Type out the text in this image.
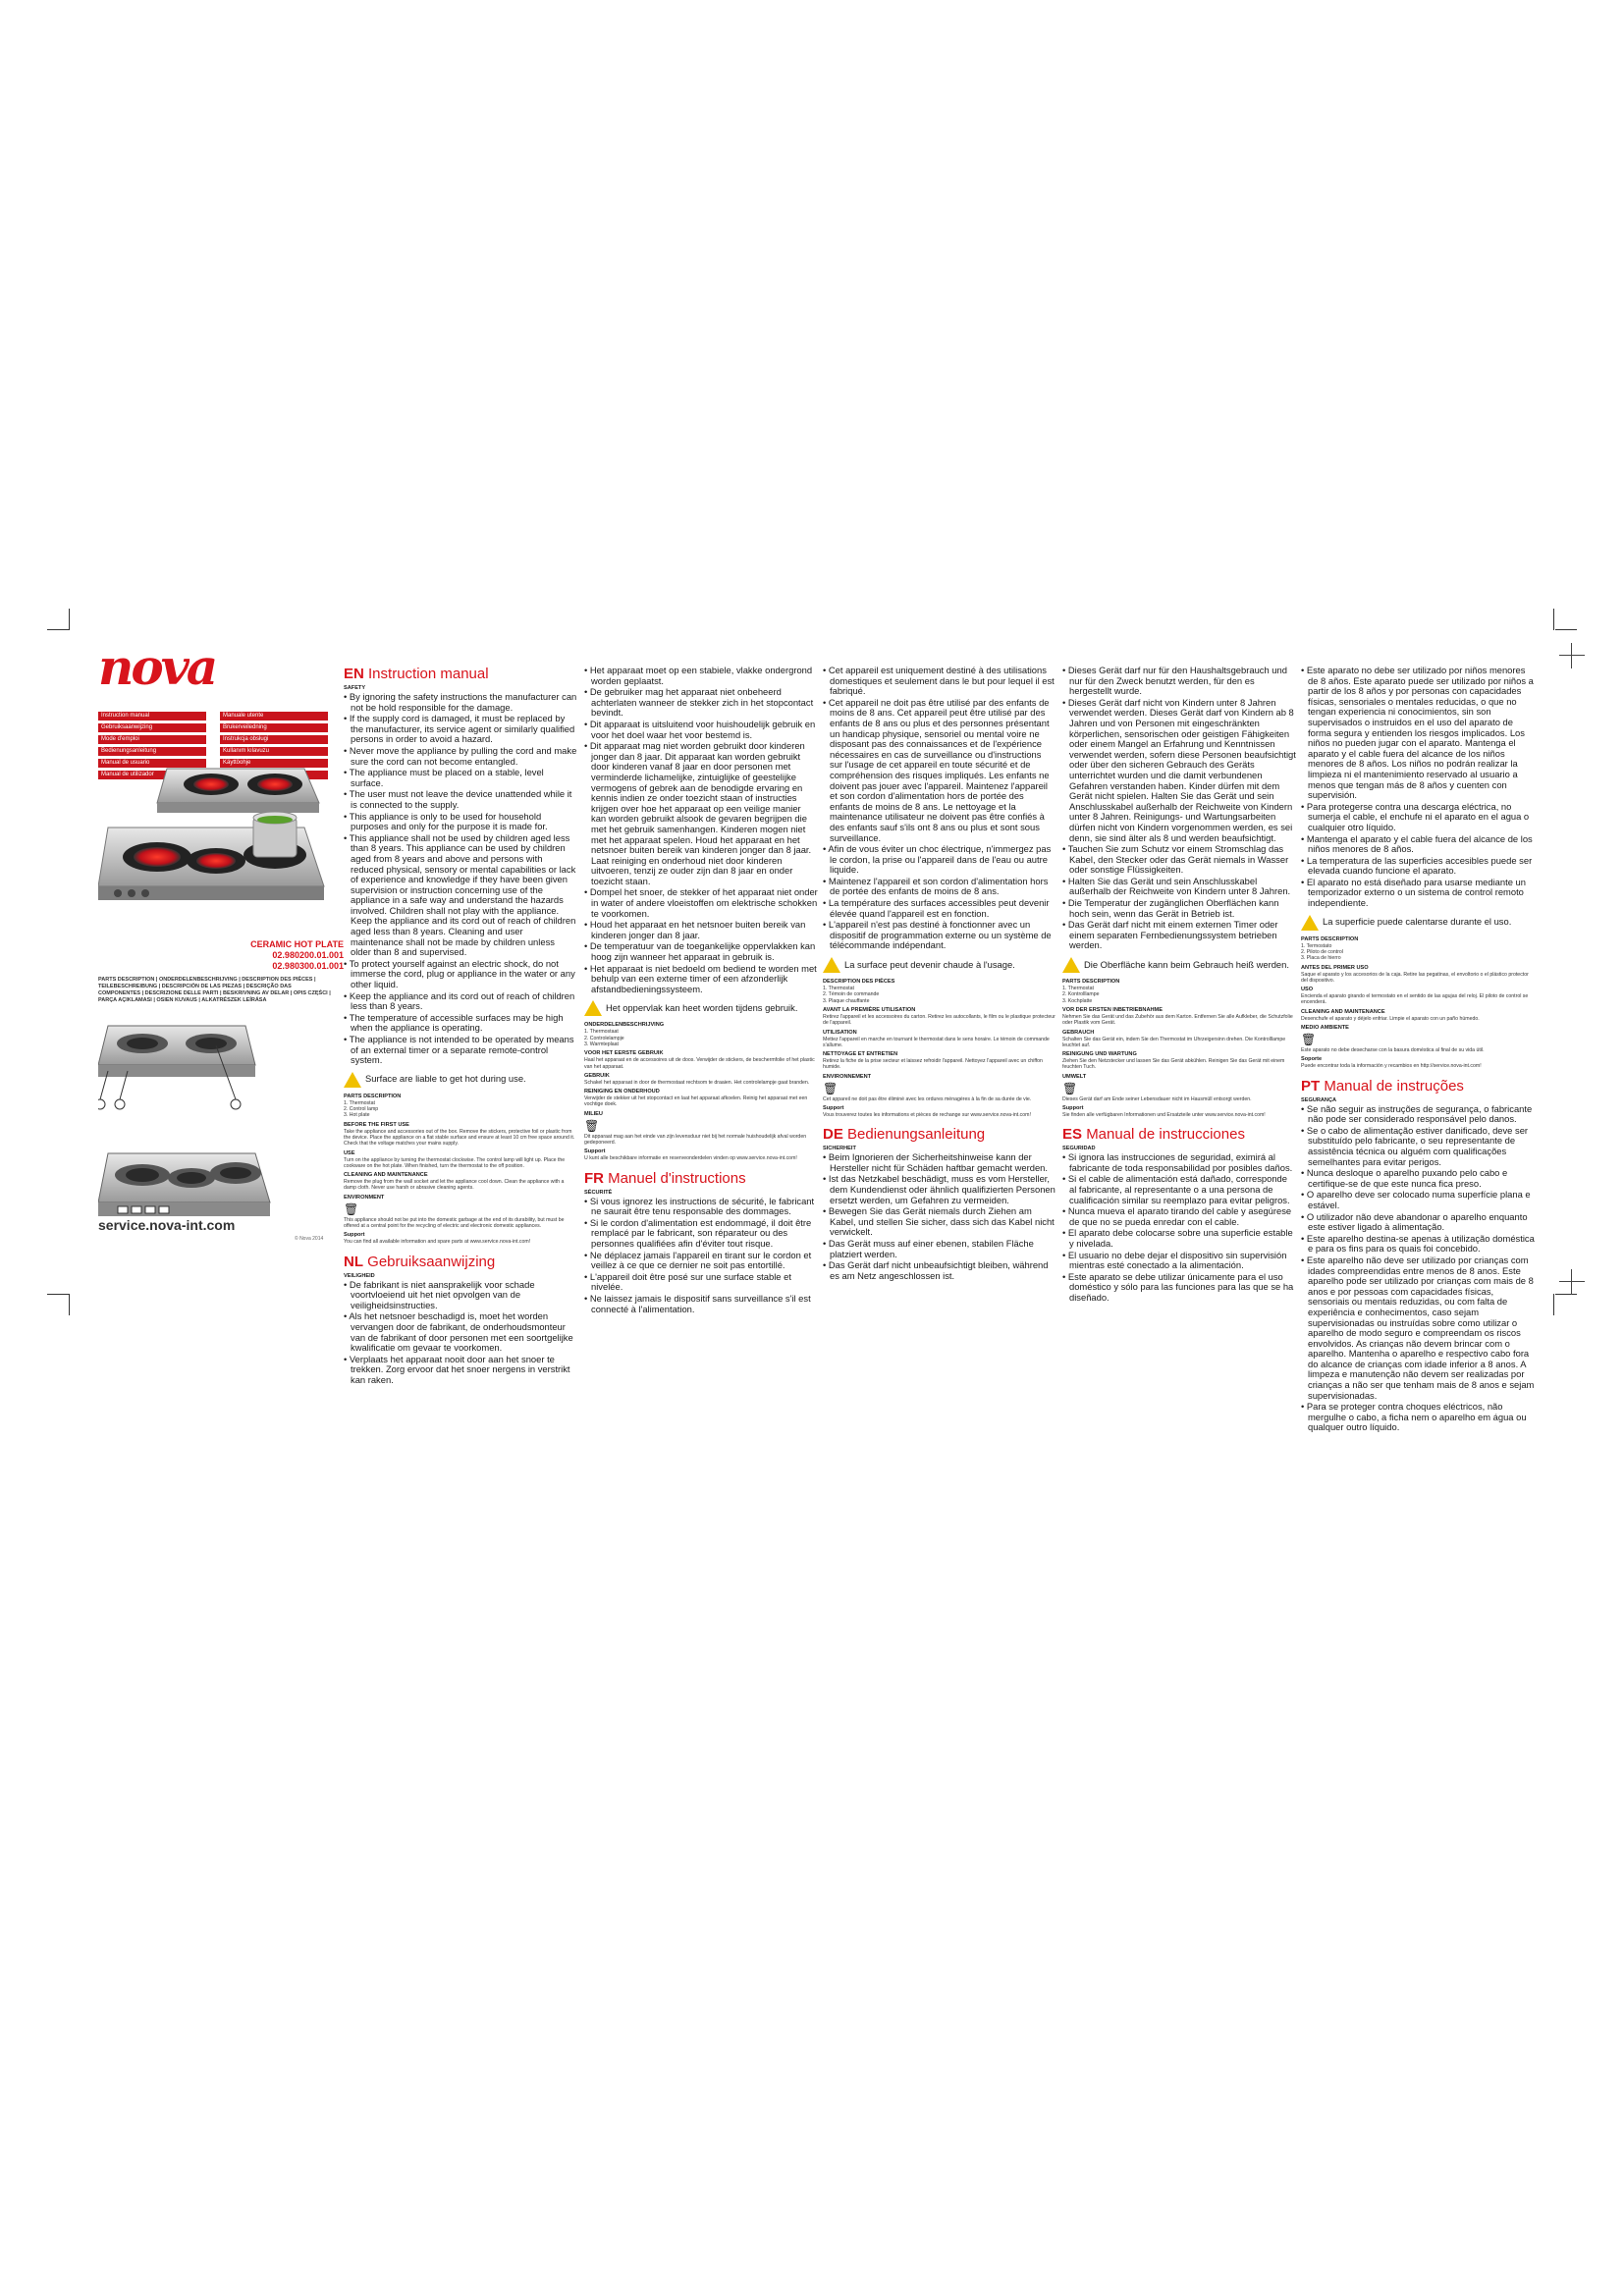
nova
Instruction manual
Gebruiksaanwijzing
Mode d'emploi
Bedienungsanleitung
Manual de usuario
Manual de utilizador
Manuale utente
Brukerveiledning
Instrukcja obsługi
Kullanım kılavuzu
Käyttöohje
CERAMIC HOT PLATE
02.980200.01.001
02.980300.01.001
PARTS DESCRIPTION | ONDERDELENBESCHRIJVING | DESCRIPTION DES PIÈCES | TEILEBESCHREIBUNG | DESCRIPCIÓN DE LAS PIEZAS | DESCRIÇÃO DAS COMPONENTES | DESCRIZIONE DELLE PARTI | BESKRIVNING AV DELAR | OPIS CZĘŚCI | PARÇA AÇIKLAMASI | OSIEN KUVAUS | ALKATRÉSZEK LEÍRÁSA
service.nova-int.com
© Nova 2014
EN Instruction manual
SAFETY

• By ignoring the safety instructions the manufacturer can not be hold responsible for the damage.

• If the supply cord is damaged, it must be replaced by the manufacturer, its service agent or similarly qualified persons in order to avoid a hazard.

• Never move the appliance by pulling the cord and make sure the cord can not become entangled.

• The appliance must be placed on a stable, level surface.

• The user must not leave the device unattended while it is connected to the supply.

• This appliance is only to be used for household purposes and only for the purpose it is made for.

• This appliance shall not be used by children aged less than 8 years. This appliance can be used by children aged from 8 years and above and persons with reduced physical, sensory or mental capabilities or lack of experience and knowledge if they have been given supervision or instruction concerning use of the appliance in a safe way and understand the hazards involved. Children shall not play with the appliance. Keep the appliance and its cord out of reach of children aged less than 8 years. Cleaning and user maintenance shall not be made by children unless older than 8 and supervised.

• To protect yourself against an electric shock, do not immerse the cord, plug or appliance in the water or any other liquid.

• Keep the appliance and its cord out of reach of children less than 8 years.

• The temperature of accessible surfaces may be high when the appliance is operating.

• The appliance is not intended to be operated by means of an external timer or a separate remote-control system.

Surface are liable to get hot during use.
PARTS DESCRIPTION
1. Thermostat
2. Control lamp
3. Hot plate
BEFORE THE FIRST USE
Take the appliance and accessories out of the box. Remove the stickers, protective foil or plastic from the device. Place the appliance on a flat stable surface and ensure at least 10 cm free space around it. Check that the voltage matches your mains supply.
USE
Turn on the appliance by turning the thermostat clockwise. The control lamp will light up. Place the cookware on the hot plate. When finished, turn the thermostat to the off position.
CLEANING AND MAINTENANCE
Remove the plug from the wall socket and let the appliance cool down. Clean the appliance with a damp cloth. Never use harsh or abrasive cleaning agents.
ENVIRONMENT
🗑
This appliance should not be put into the domestic garbage at the end of its durability, but must be offered at a central point for the recycling of electric and electronic domestic appliances.
Support
You can find all available information and spare parts at www.service.nova-int.com!
NL Gebruiksaanwijzing
VEILIGHEID

• De fabrikant is niet aansprakelijk voor schade voortvloeiend uit het niet opvolgen van de veiligheidsinstructies.

• Als het netsnoer beschadigd is, moet het worden vervangen door de fabrikant, de onderhoudsmonteur van de fabrikant of door personen met een soortgelijke kwalificatie om gevaar te voorkomen.

• Verplaats het apparaat nooit door aan het snoer te trekken. Zorg ervoor dat het snoer nergens in verstrikt kan raken.

• Het apparaat moet op een stabiele, vlakke ondergrond worden geplaatst.

• De gebruiker mag het apparaat niet onbeheerd achterlaten wanneer de stekker zich in het stopcontact bevindt.

• Dit apparaat is uitsluitend voor huishoudelijk gebruik en voor het doel waar het voor bestemd is.

• Dit apparaat mag niet worden gebruikt door kinderen jonger dan 8 jaar. Dit apparaat kan worden gebruikt door kinderen vanaf 8 jaar en door personen met verminderde lichamelijke, zintuiglijke of geestelijke vermogens of gebrek aan de benodigde ervaring en kennis indien ze onder toezicht staan of instructies krijgen over hoe het apparaat op een veilige manier kan worden gebruikt alsook de gevaren begrijpen die met het gebruik samenhangen. Kinderen mogen niet met het apparaat spelen. Houd het apparaat en het netsnoer buiten bereik van kinderen jonger dan 8 jaar. Laat reiniging en onderhoud niet door kinderen uitvoeren, tenzij ze ouder zijn dan 8 jaar en onder toezicht staan.

• Dompel het snoer, de stekker of het apparaat niet onder in water of andere vloeistoffen om elektrische schokken te voorkomen.

• Houd het apparaat en het netsnoer buiten bereik van kinderen jonger dan 8 jaar.

• De temperatuur van de toegankelijke oppervlakken kan hoog zijn wanneer het apparaat in gebruik is.

• Het apparaat is niet bedoeld om bediend te worden met behulp van een externe timer of een afzonderlijk afstandbedieningssysteem.

Het oppervlak kan heet worden tijdens gebruik.
ONDERDELENBESCHRIJVING
1. Thermostaat
2. Controlelampje
3. Warmteplaat
VOOR HET EERSTE GEBRUIK
Haal het apparaat en de accessoires uit de doos. Verwijder de stickers, de beschermfolie of het plastic van het apparaat.
GEBRUIK
Schakel het apparaat in door de thermostaat rechtsom te draaien. Het controlelampje gaat branden.
REINIGING EN ONDERHOUD
Verwijder de stekker uit het stopcontact en laat het apparaat afkoelen. Reinig het apparaat met een vochtige doek.
MILIEU
🗑
Dit apparaat mag aan het einde van zijn levensduur niet bij het normale huishoudelijk afval worden gedeponeerd.
Support
U kunt alle beschikbare informatie en reserveonderdelen vinden op www.service.nova-int.com!
FR Manuel d'instructions
SÉCURITÉ

• Si vous ignorez les instructions de sécurité, le fabricant ne saurait être tenu responsable des dommages.

• Si le cordon d'alimentation est endommagé, il doit être remplacé par le fabricant, son réparateur ou des personnes qualifiées afin d'éviter tout risque.

• Ne déplacez jamais l'appareil en tirant sur le cordon et veillez à ce que ce dernier ne soit pas entortillé.

• L'appareil doit être posé sur une surface stable et nivelée.

• Ne laissez jamais le dispositif sans surveillance s'il est connecté à l'alimentation.

• Cet appareil est uniquement destiné à des utilisations domestiques et seulement dans le but pour lequel il est fabriqué.

• Cet appareil ne doit pas être utilisé par des enfants de moins de 8 ans. Cet appareil peut être utilisé par des enfants de 8 ans ou plus et des personnes présentant un handicap physique, sensoriel ou mental voire ne disposant pas des connaissances et de l'expérience nécessaires en cas de surveillance ou d'instructions sur l'usage de cet appareil en toute sécurité et de compréhension des risques impliqués. Les enfants ne doivent pas jouer avec l'appareil. Maintenez l'appareil et son cordon d'alimentation hors de portée des enfants de moins de 8 ans. Le nettoyage et la maintenance utilisateur ne doivent pas être confiés à des enfants sauf s'ils ont 8 ans ou plus et sont sous surveillance.

• Afin de vous éviter un choc électrique, n'immergez pas le cordon, la prise ou l'appareil dans de l'eau ou autre liquide.

• Maintenez l'appareil et son cordon d'alimentation hors de portée des enfants de moins de 8 ans.

• La température des surfaces accessibles peut devenir élevée quand l'appareil est en fonction.

• L'appareil n'est pas destiné à fonctionner avec un dispositif de programmation externe ou un système de télécommande indépendant.

La surface peut devenir chaude à l'usage.
DESCRIPTION DES PIÈCES
1. Thermostat
2. Témoin de commande
3. Plaque chauffante
AVANT LA PREMIÈRE UTILISATION
Retirez l'appareil et les accessoires du carton. Retirez les autocollants, le film ou le plastique protecteur de l'appareil.
UTILISATION
Mettez l'appareil en marche en tournant le thermostat dans le sens horaire. Le témoin de commande s'allume.
NETTOYAGE ET ENTRETIEN
Retirez la fiche de la prise secteur et laissez refroidir l'appareil. Nettoyez l'appareil avec un chiffon humide.
ENVIRONNEMENT
🗑
Cet appareil ne doit pas être éliminé avec les ordures ménagères à la fin de sa durée de vie.
Support
Vous trouverez toutes les informations et pièces de rechange sur www.service.nova-int.com!
DE Bedienungsanleitung
SICHERHEIT

• Beim Ignorieren der Sicherheitshinweise kann der Hersteller nicht für Schäden haftbar gemacht werden.

• Ist das Netzkabel beschädigt, muss es vom Hersteller, dem Kundendienst oder ähnlich qualifizierten Personen ersetzt werden, um Gefahren zu vermeiden.

• Bewegen Sie das Gerät niemals durch Ziehen am Kabel, und stellen Sie sicher, dass sich das Kabel nicht verwickelt.

• Das Gerät muss auf einer ebenen, stabilen Fläche platziert werden.

• Das Gerät darf nicht unbeaufsichtigt bleiben, während es am Netz angeschlossen ist.

• Dieses Gerät darf nur für den Haushaltsgebrauch und nur für den Zweck benutzt werden, für den es hergestellt wurde.

• Dieses Gerät darf nicht von Kindern unter 8 Jahren verwendet werden. Dieses Gerät darf von Kindern ab 8 Jahren und von Personen mit eingeschränkten körperlichen, sensorischen oder geistigen Fähigkeiten oder einem Mangel an Erfahrung und Kenntnissen verwendet werden, sofern diese Personen beaufsichtigt oder über den sicheren Gebrauch des Geräts unterrichtet wurden und die damit verbundenen Gefahren verstanden haben. Kinder dürfen mit dem Gerät nicht spielen. Halten Sie das Gerät und sein Anschlusskabel außerhalb der Reichweite von Kindern unter 8 Jahren. Reinigungs- und Wartungsarbeiten dürfen nicht von Kindern vorgenommen werden, es sei denn, sie sind älter als 8 und werden beaufsichtigt.

• Tauchen Sie zum Schutz vor einem Stromschlag das Kabel, den Stecker oder das Gerät niemals in Wasser oder sonstige Flüssigkeiten.

• Halten Sie das Gerät und sein Anschlusskabel außerhalb der Reichweite von Kindern unter 8 Jahren.

• Die Temperatur der zugänglichen Oberflächen kann hoch sein, wenn das Gerät in Betrieb ist.

• Das Gerät darf nicht mit einem externen Timer oder einem separaten Fernbedienungssystem betrieben werden.

Die Oberfläche kann beim Gebrauch heiß werden.
PARTS DESCRIPTION
1. Thermostat
2. Kontrolllampe
3. Kochplatte
VOR DER ERSTEN INBETRIEBNAHME
Nehmen Sie das Gerät und das Zubehör aus dem Karton. Entfernen Sie alle Aufkleber, die Schutzfolie oder Plastik vom Gerät.
GEBRAUCH
Schalten Sie das Gerät ein, indem Sie den Thermostat im Uhrzeigersinn drehen. Die Kontrolllampe leuchtet auf.
REINIGUNG UND WARTUNG
Ziehen Sie den Netzstecker und lassen Sie das Gerät abkühlen. Reinigen Sie das Gerät mit einem feuchten Tuch.
UMWELT
🗑
Dieses Gerät darf am Ende seiner Lebensdauer nicht im Hausmüll entsorgt werden.
Support
Sie finden alle verfügbaren Informationen und Ersatzteile unter www.service.nova-int.com!
ES Manual de instrucciones
SEGURIDAD

• Si ignora las instrucciones de seguridad, eximirá al fabricante de toda responsabilidad por posibles daños.

• Si el cable de alimentación está dañado, corresponde al fabricante, al representante o a una persona de cualificación similar su reemplazo para evitar peligros.

• Nunca mueva el aparato tirando del cable y asegúrese de que no se pueda enredar con el cable.

• El aparato debe colocarse sobre una superficie estable y nivelada.

• El usuario no debe dejar el dispositivo sin supervisión mientras esté conectado a la alimentación.

• Este aparato se debe utilizar únicamente para el uso doméstico y sólo para las funciones para las que se ha diseñado.

• Este aparato no debe ser utilizado por niños menores de 8 años. Este aparato puede ser utilizado por niños a partir de los 8 años y por personas con capacidades físicas, sensoriales o mentales reducidas, o que no tengan experiencia ni conocimientos, sin son supervisados o instruidos en el uso del aparato de forma segura y entienden los riesgos implicados. Los niños no pueden jugar con el aparato. Mantenga el aparato y el cable fuera del alcance de los niños menores de 8 años. Los niños no podrán realizar la limpieza ni el mantenimiento reservado al usuario a menos que tengan más de 8 años y cuenten con supervisión.

• Para protegerse contra una descarga eléctrica, no sumerja el cable, el enchufe ni el aparato en el agua o cualquier otro líquido.

• Mantenga el aparato y el cable fuera del alcance de los niños menores de 8 años.

• La temperatura de las superficies accesibles puede ser elevada cuando funcione el aparato.

• El aparato no está diseñado para usarse mediante un temporizador externo o un sistema de control remoto independiente.

La superficie puede calentarse durante el uso.
PARTS DESCRIPTION
1. Termostato
2. Piloto de control
3. Placa de hierro
ANTES DEL PRIMER USO
Saque el aparato y los accesorios de la caja. Retire las pegatinas, el envoltorio o el plástico protector del dispositivo.
USO
Encienda el aparato girando el termostato en el sentido de las agujas del reloj. El piloto de control se encenderá.
CLEANING AND MAINTENANCE
Desenchufe el aparato y déjelo enfriar. Limpie el aparato con un paño húmedo.
MEDIO AMBIENTE
🗑
Este aparato no debe desecharse con la basura doméstica al final de su vida útil.
Soporte
Puede encontrar toda la información y recambios en http://service.nova-int.com!
PT Manual de instruções
SEGURANÇA

• Se não seguir as instruções de segurança, o fabricante não pode ser considerado responsável pelo danos.

• Se o cabo de alimentação estiver danificado, deve ser substituído pelo fabricante, o seu representante de assistência técnica ou alguém com qualificações semelhantes para evitar perigos.

• Nunca desloque o aparelho puxando pelo cabo e certifique-se de que este nunca fica preso.

• O aparelho deve ser colocado numa superfície plana e estável.

• O utilizador não deve abandonar o aparelho enquanto este estiver ligado à alimentação.

• Este aparelho destina-se apenas à utilização doméstica e para os fins para os quais foi concebido.

• Este aparelho não deve ser utilizado por crianças com idades compreendidas entre menos de 8 anos. Este aparelho pode ser utilizado por crianças com mais de 8 anos e por pessoas com capacidades físicas, sensoriais ou mentais reduzidas, ou com falta de experiência e conhecimentos, caso sejam supervisionadas ou instruídas sobre como utilizar o aparelho de modo seguro e compreendam os riscos envolvidos. As crianças não devem brincar com o aparelho. Mantenha o aparelho e respectivo cabo fora do alcance de crianças com idade inferior a 8 anos. A limpeza e manutenção não devem ser realizadas por crianças a não ser que tenham mais de 8 anos e sejam supervisionadas.

• Para se proteger contra choques eléctricos, não mergulhe o cabo, a ficha nem o aparelho em água ou qualquer outro líquido.
